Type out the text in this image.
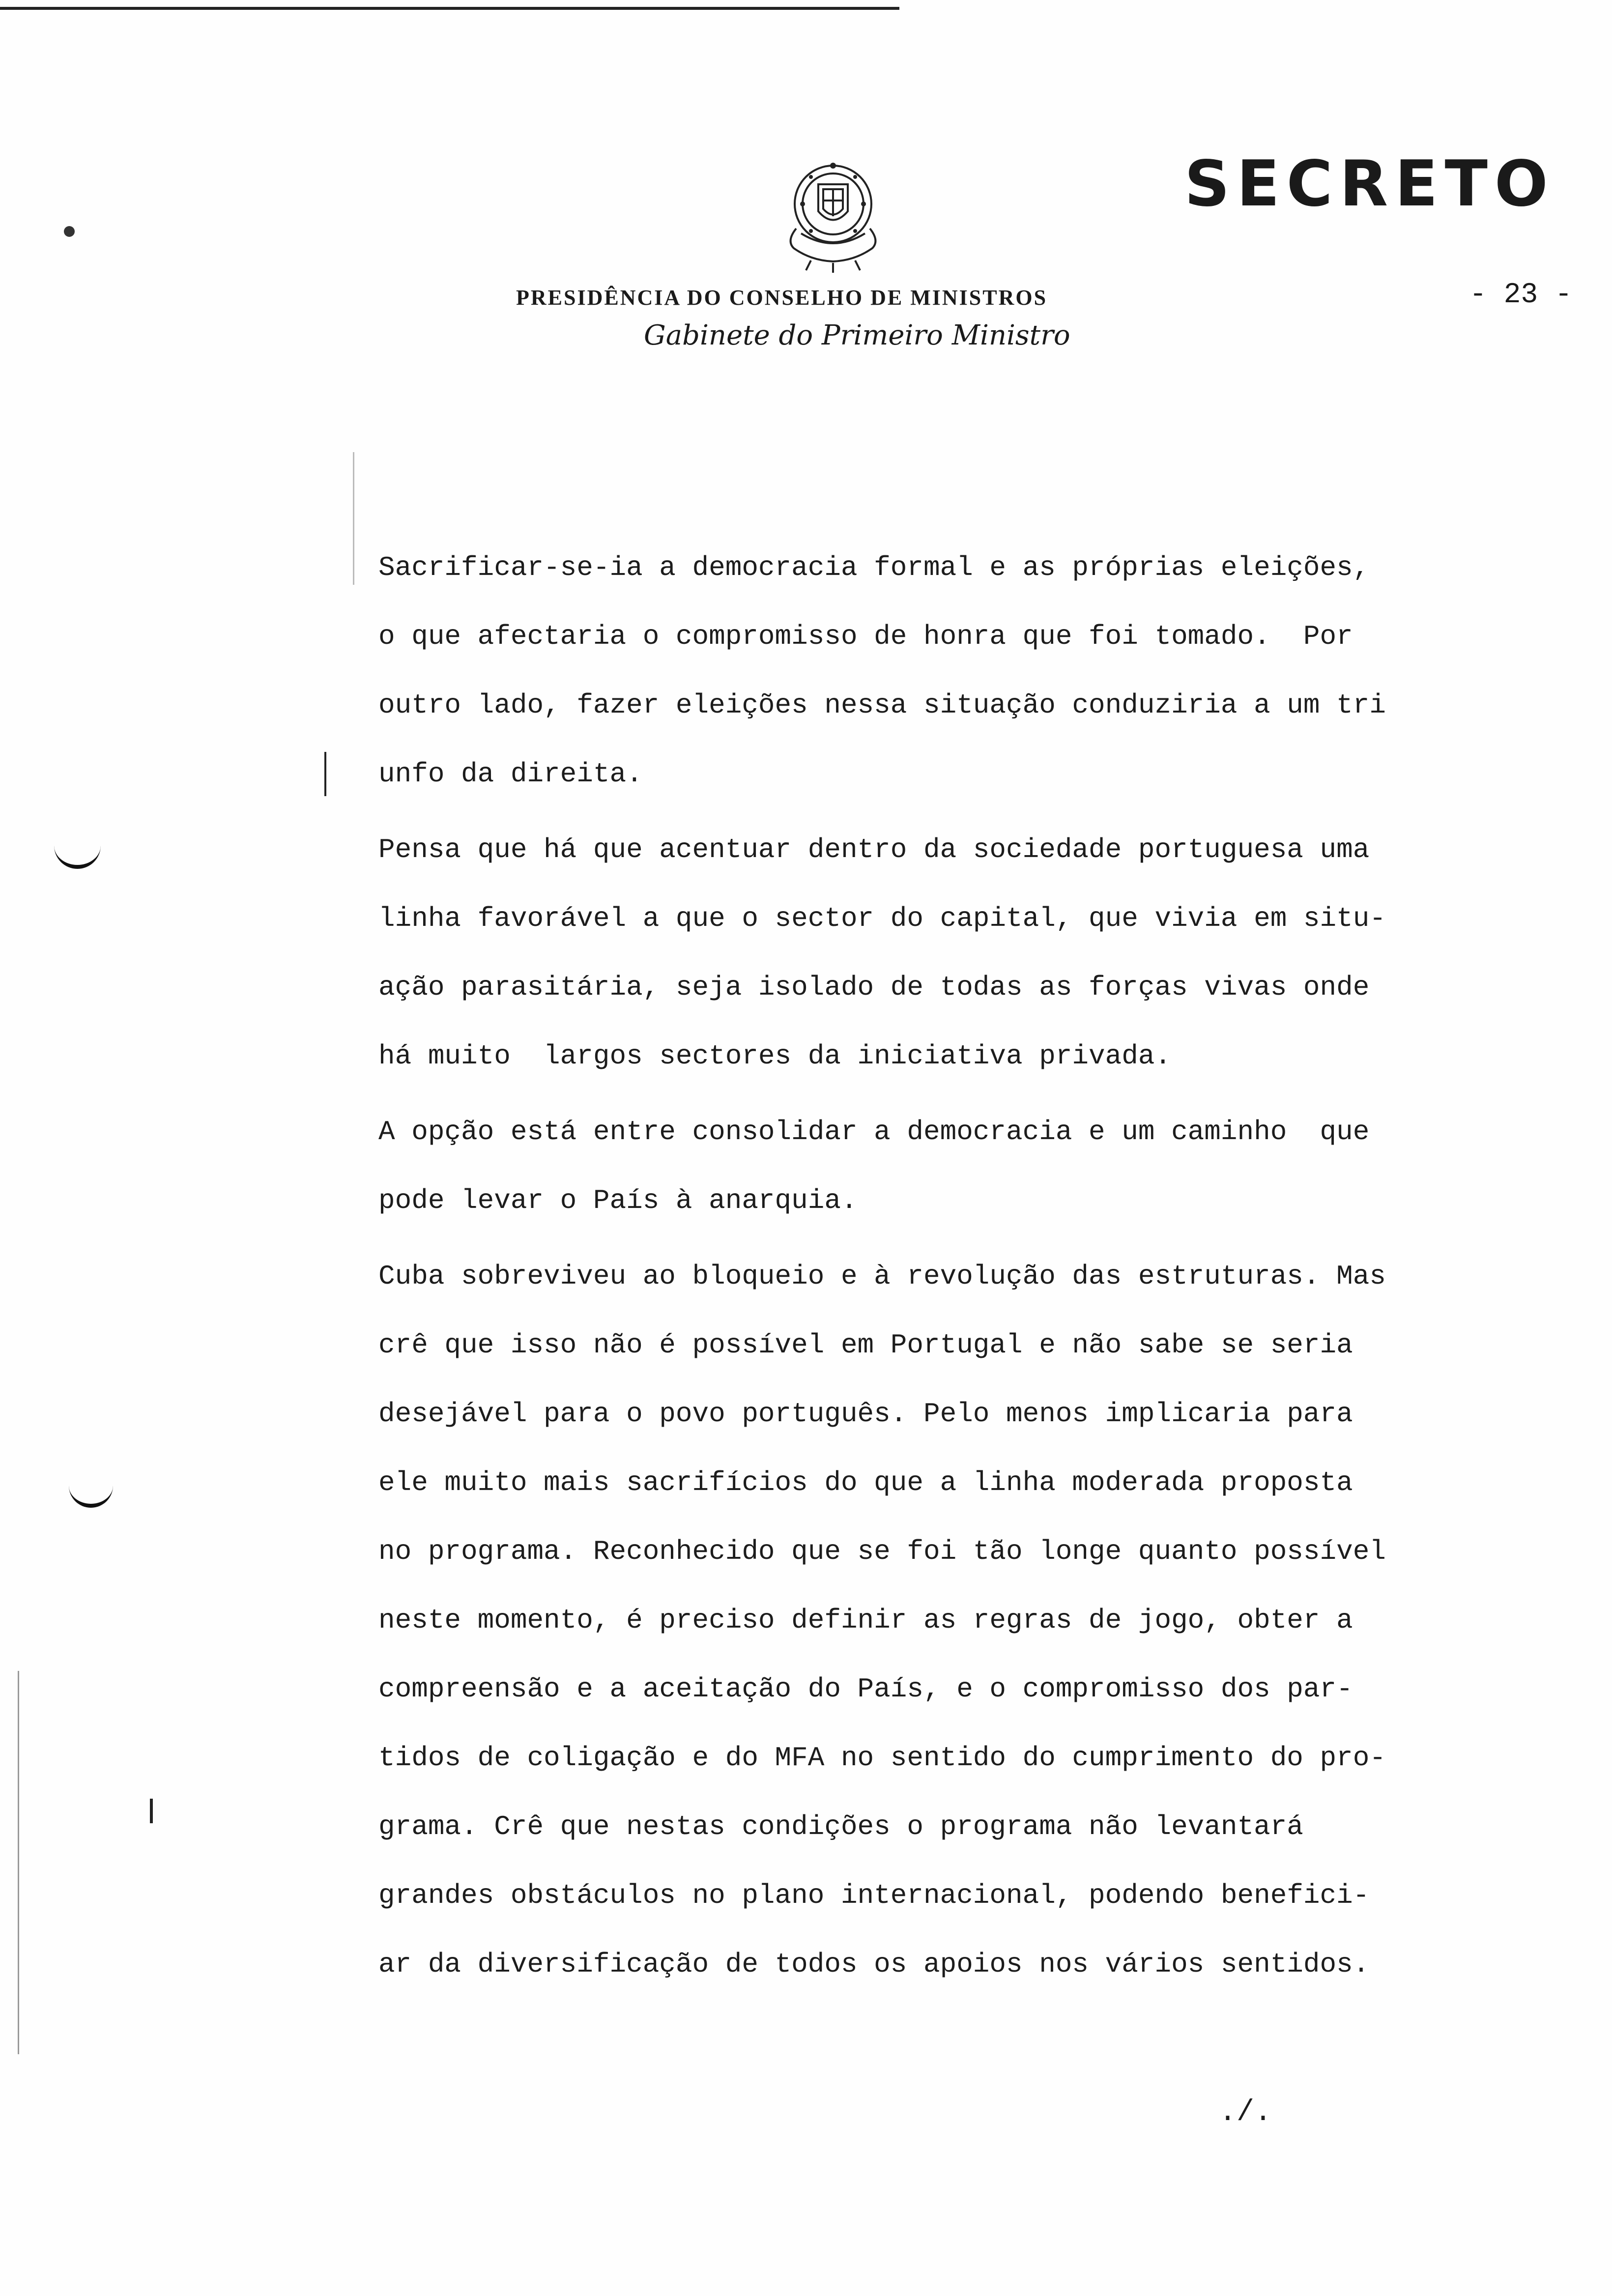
SECRETO
PRESIDÊNCIA DO CONSELHO DE MINISTROS
Gabinete do Primeiro Ministro
- 23 -
Sacrificar-se-ia a democracia formal e as próprias eleições,
o que afectaria o compromisso de honra que foi tomado.  Por
outro lado, fazer eleições nessa situação conduziria a um tri
unfo da direita.
Pensa que há que acentuar dentro da sociedade portuguesa uma
linha favorável a que o sector do capital, que vivia em situ-
ação parasitária, seja isolado de todas as forças vivas onde
há muito  largos sectores da iniciativa privada.
A opção está entre consolidar a democracia e um caminho  que
pode levar o País à anarquia.
Cuba sobreviveu ao bloqueio e à revolução das estruturas. Mas
crê que isso não é possível em Portugal e não sabe se seria
desejável para o povo português. Pelo menos implicaria para
ele muito mais sacrifícios do que a linha moderada proposta
no programa. Reconhecido que se foi tão longe quanto possível
neste momento, é preciso definir as regras de jogo, obter a
compreensão e a aceitação do País, e o compromisso dos par-
tidos de coligação e do MFA no sentido do cumprimento do pro-
grama. Crê que nestas condições o programa não levantará
grandes obstáculos no plano internacional, podendo benefici-
ar da diversificação de todos os apoios nos vários sentidos.
./.
